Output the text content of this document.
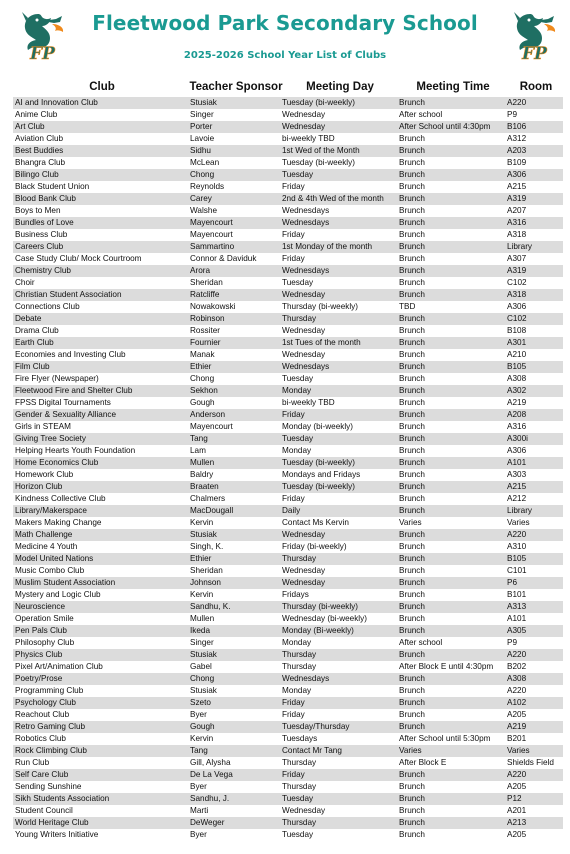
FP	FP
Fleetwood Park Secondary School
2025-2026 School Year List of Clubs
Club	Teacher Sponsor	Meeting Day	Meeting Time	Room
AI and Innovation Club	Stusiak	Tuesday (bi-weekly)	Brunch	A220
Anime Club	Singer	Wednesday	After school	P9
Art Club	Porter	Wednesday	After School until 4:30pm	B106
Aviation Club	Lavoie	bi-weekly TBD	Brunch	A312
Best Buddies	Sidhu	1st Wed of the Month	Brunch	A203
Bhangra Club	McLean	Tuesday (bi-weekly)	Brunch	B109
Bilingo Club	Chong	Tuesday	Brunch	A306
Black Student Union	Reynolds	Friday	Brunch	A215
Blood Bank Club	Carey	2nd & 4th Wed of the month	Brunch	A319
Boys to Men	Walshe	Wednesdays	Brunch	A207
Bundles of Love	Mayencourt	Wednesdays	Brunch	A316
Business Club	Mayencourt	Friday	Brunch	A318
Careers Club	Sammartino	1st Monday of the month	Brunch	Library
Case Study Club/ Mock Courtroom	Connor & Daviduk	Friday	Brunch	A307
Chemistry Club	Arora	Wednesdays	Brunch	A319
Choir	Sheridan	Tuesday	Brunch	C102
Christian Student Association	Ratcliffe	Wednesday	Brunch	A318
Connections Club	Nowakowski	Thursday (bi-weekly)	TBD	A306
Debate	Robinson	Thursday	Brunch	C102
Drama Club	Rossiter	Wednesday	Brunch	B108
Earth Club	Fournier	1st Tues of the month	Brunch	A301
Economies and Investing Club	Manak	Wednesday	Brunch	A210
Film Club	Ethier	Wednesdays	Brunch	B105
Fire Flyer (Newspaper)	Chong	Tuesday	Brunch	A308
Fleetwood Fire and Shelter Club	Sekhon	Monday	Brunch	A302
FPSS Digital Tournaments	Gough	bi-weekly TBD	Brunch	A219
Gender & Sexuality Alliance	Anderson	Friday	Brunch	A208
Girls in STEAM	Mayencourt	Monday (bi-weekly)	Brunch	A316
Giving Tree Society	Tang	Tuesday	Brunch	A300i
Helping Hearts Youth Foundation	Lam	Monday	Brunch	A306
Home Economics Club	Mullen	Tuesday (bi-weekly)	Brunch	A101
Homework Club	Baldry	Mondays and Fridays	Brunch	A303
Horizon Club	Braaten	Tuesday (bi-weekly)	Brunch	A215
Kindness Collective Club	Chalmers	Friday	Brunch	A212
Library/Makerspace	MacDougall	Daily	Brunch	Library
Makers Making Change	Kervin	Contact Ms Kervin	Varies	Varies
Math Challenge	Stusiak	Wednesday	Brunch	A220
Medicine 4 Youth	Singh, K.	Friday (bi-weekly)	Brunch	A310
Model United Nations	Ethier	Thursday	Brunch	B105
Music Combo Club	Sheridan	Wednesday	Brunch	C101
Muslim Student Association	Johnson	Wednesday	Brunch	P6
Mystery and Logic Club	Kervin	Fridays	Brunch	B101
Neuroscience	Sandhu, K.	Thursday (bi-weekly)	Brunch	A313
Operation Smile	Mullen	Wednesday (bi-weekly)	Brunch	A101
Pen Pals Club	Ikeda	Monday (Bi-weekly)	Brunch	A305
Philosophy Club	Singer	Monday	After school	P9
Physics Club	Stusiak	Thursday	Brunch	A220
Pixel Art/Animation Club	Gabel	Thursday	After Block E until 4:30pm	B202
Poetry/Prose	Chong	Wednesdays	Brunch	A308
Programming Club	Stusiak	Monday	Brunch	A220
Psychology Club	Szeto	Friday	Brunch	A102
Reachout Club	Byer	Friday	Brunch	A205
Retro Gaming Club	Gough	Tuesday/Thursday	Brunch	A219
Robotics Club	Kervin	Tuesdays	After School until 5:30pm	B201
Rock Climbing Club	Tang	Contact Mr Tang	Varies	Varies
Run Club	Gill, Alysha	Thursday	After Block E	Shields Field
Self Care Club	De La Vega	Friday	Brunch	A220
Sending Sunshine	Byer	Thursday	Brunch	A205
Sikh Students Association	Sandhu, J.	Tuesday	Brunch	P12
Student Council	Marti	Wednesday	Brunch	A201
World Heritage Club	DeWeger	Thursday	Brunch	A213
Young Writers Initiative	Byer	Tuesday	Brunch	A205
